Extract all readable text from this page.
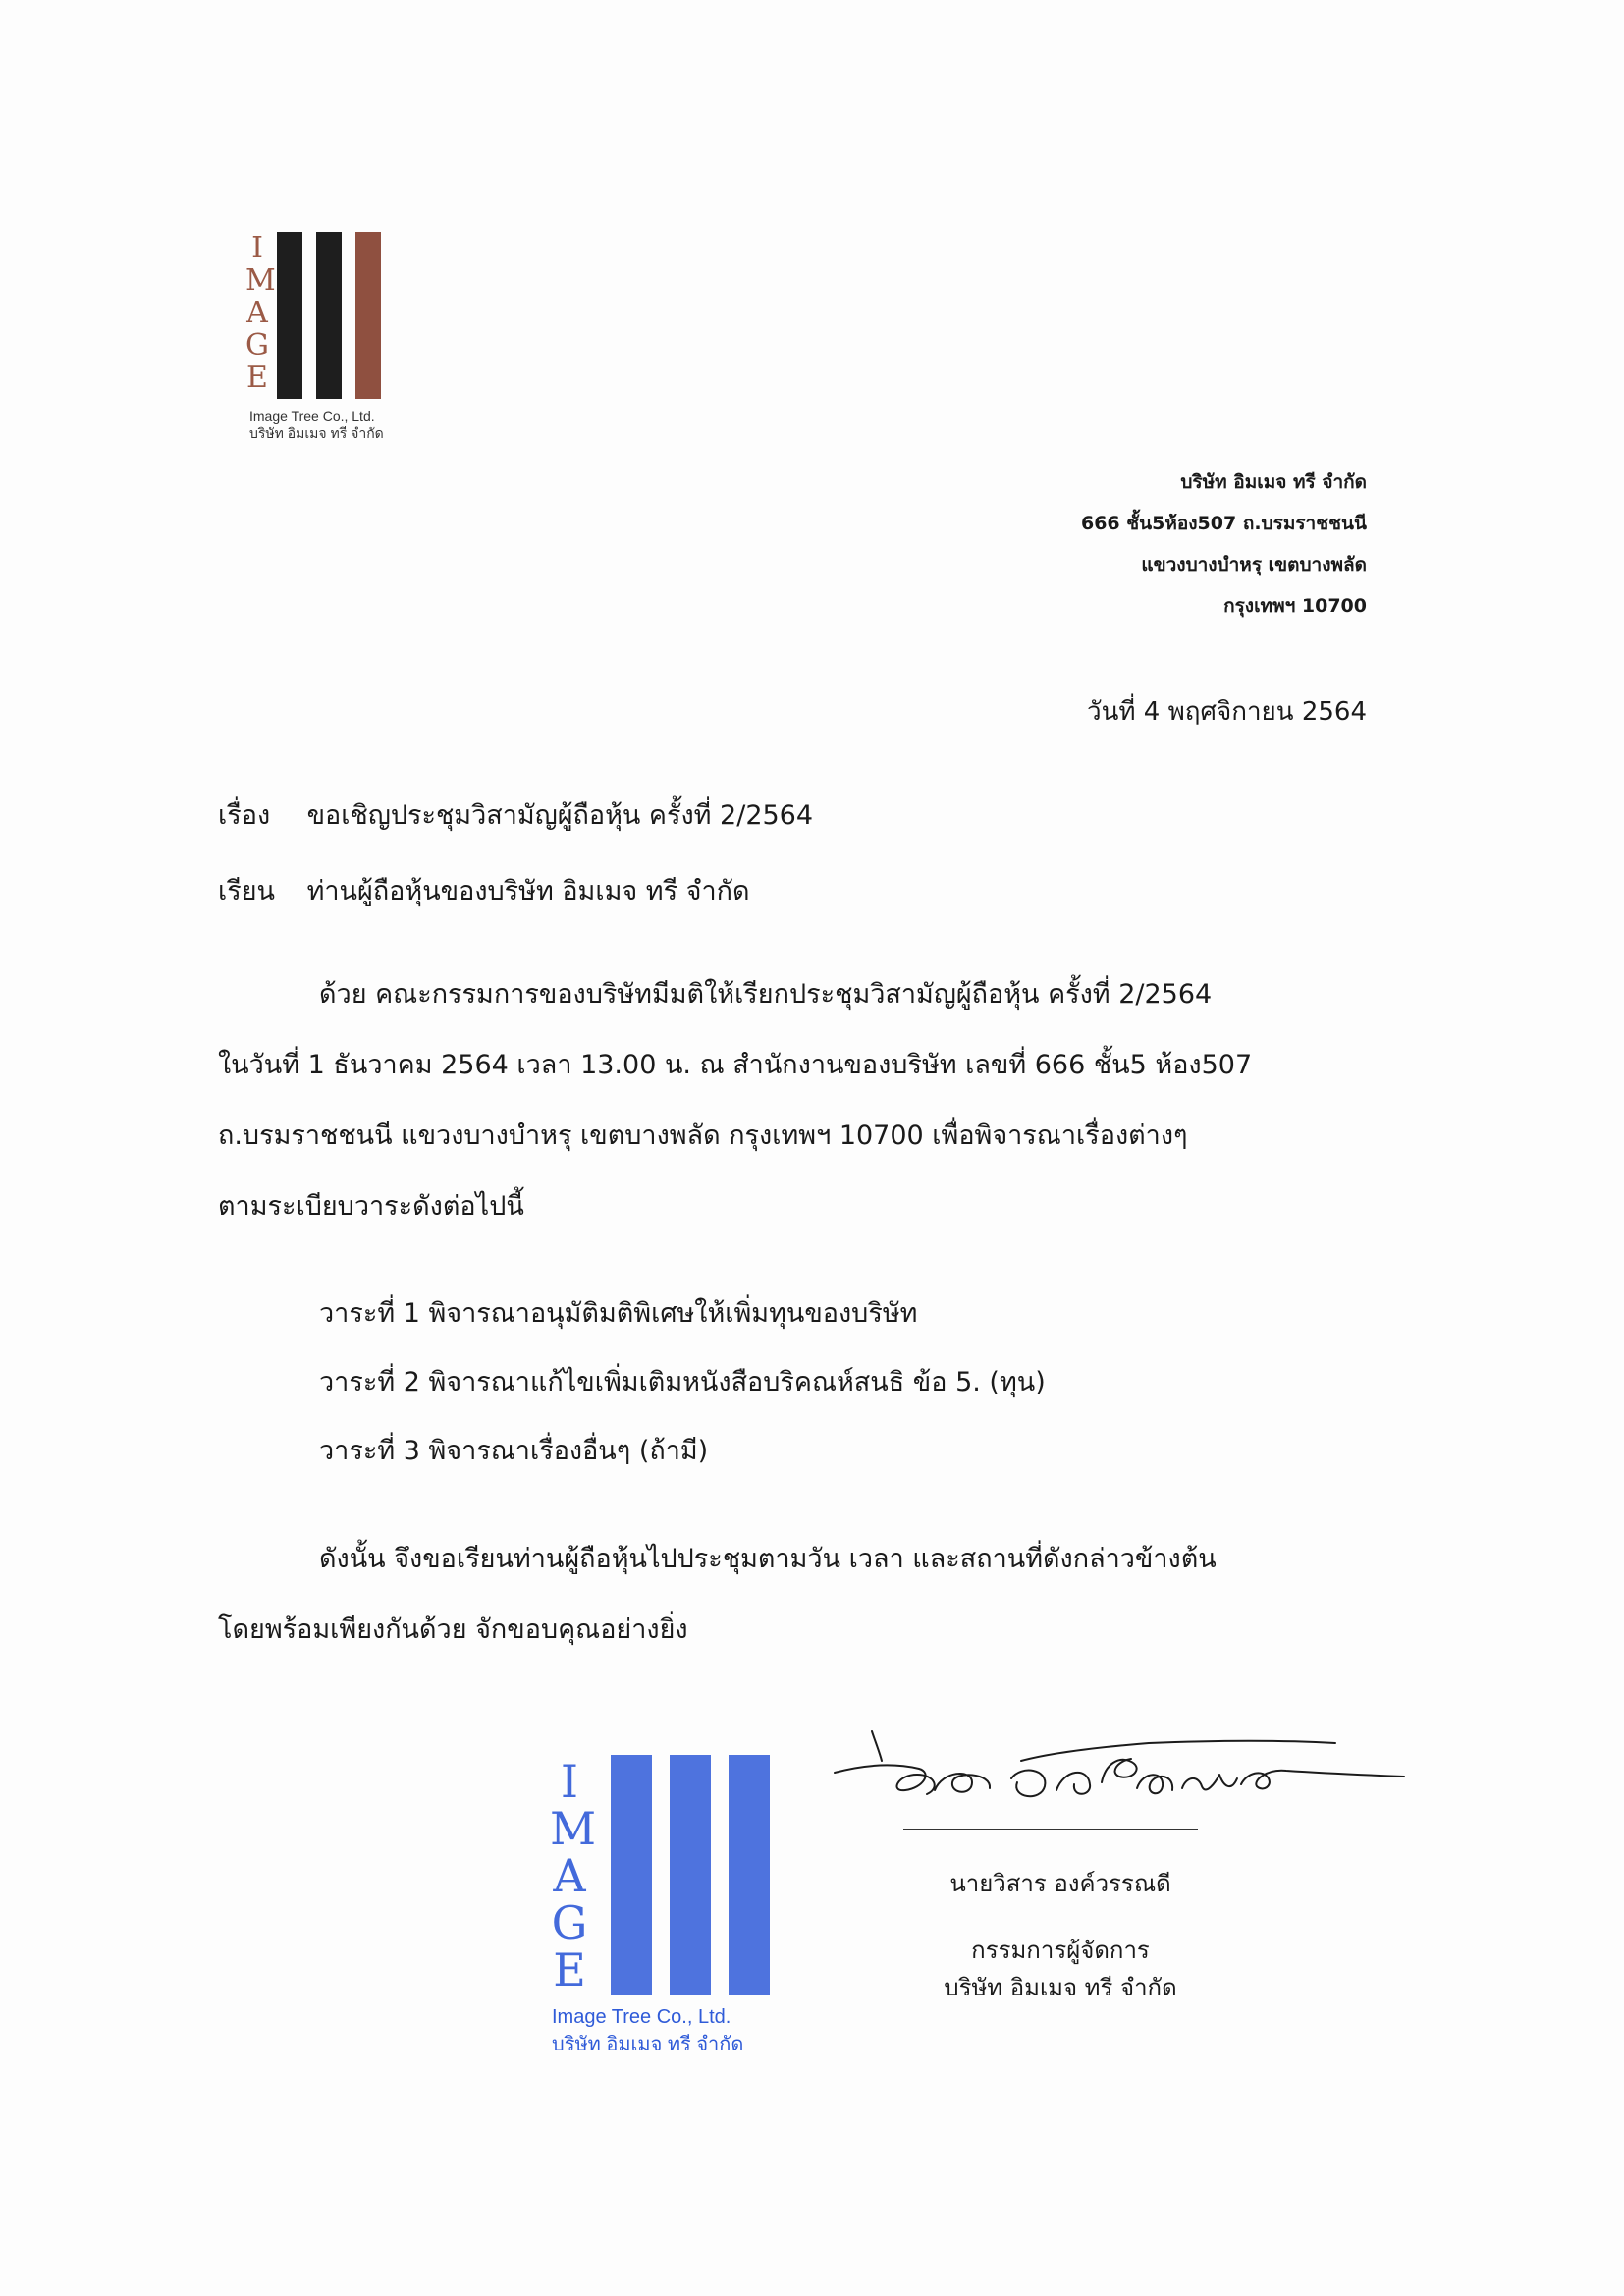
I
M
A
G
E
Image Tree Co., Ltd.
บริษัท อิมเมจ ทรี จำกัด
บริษัท อิมเมจ ทรี จำกัด
666 ชั้น5ห้อง507 ถ.บรมราชชนนี
แขวงบางบำหรุ เขตบางพลัด
กรุงเทพฯ 10700
วันที่ 4 พฤศจิกายน 2564
เรื่อง ขอเชิญประชุมวิสามัญผู้ถือหุ้น ครั้งที่ 2/2564
เรียน ท่านผู้ถือหุ้นของบริษัท อิมเมจ ทรี จำกัด
ด้วย คณะกรรมการของบริษัทมีมติให้เรียกประชุมวิสามัญผู้ถือหุ้น ครั้งที่ 2/2564
ในวันที่ 1 ธันวาคม 2564 เวลา 13.00 น. ณ สำนักงานของบริษัท เลขที่ 666 ชั้น5 ห้อง507
ถ.บรมราชชนนี แขวงบางบำหรุ เขตบางพลัด กรุงเทพฯ 10700 เพื่อพิจารณาเรื่องต่างๆ
ตามระเบียบวาระดังต่อไปนี้
วาระที่ 1 พิจารณาอนุมัติมติพิเศษให้เพิ่มทุนของบริษัท
วาระที่ 2 พิจารณาแก้ไขเพิ่มเติมหนังสือบริคณห์สนธิ ข้อ 5. (ทุน)
วาระที่ 3 พิจารณาเรื่องอื่นๆ (ถ้ามี)
ดังนั้น จึงขอเรียนท่านผู้ถือหุ้นไปประชุมตามวัน เวลา และสถานที่ดังกล่าวข้างต้น
โดยพร้อมเพียงกันด้วย จักขอบคุณอย่างยิ่ง
I
M
A
G
E
Image Tree Co., Ltd.
บริษัท อิมเมจ ทรี จำกัด
นายวิสาร องค์วรรณดี
กรรมการผู้จัดการ
บริษัท อิมเมจ ทรี จำกัด
